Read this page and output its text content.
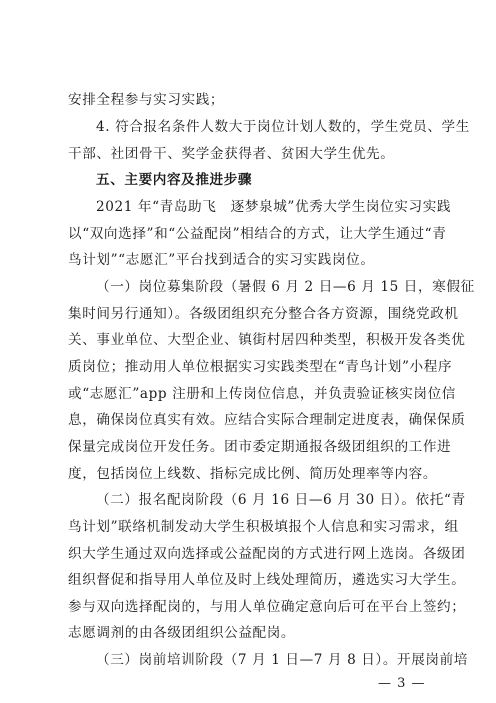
安排全程参与实习实践；
4. 符合报名条件人数大于岗位计划人数的，学生党员、学生
干部、社团骨干、奖学金获得者、贫困大学生优先。
五、主要内容及推进步骤
2021 年“青岛助飞　逐梦泉城”优秀大学生岗位实习实践
以“双向选择”和“公益配岗”相结合的方式，让大学生通过“青
鸟计划”“志愿汇”平台找到适合的实习实践岗位。
（一）岗位募集阶段（暑假 6 月 2 日—6 月 15 日，寒假征
集时间另行通知）。各级团组织充分整合各方资源，围绕党政机
关、事业单位、大型企业、镇街村居四种类型，积极开发各类优
质岗位；推动用人单位根据实习实践类型在“青鸟计划”小程序
或“志愿汇”app 注册和上传岗位信息，并负责验证核实岗位信
息，确保岗位真实有效。应结合实际合理制定进度表，确保保质
保量完成岗位开发任务。团市委定期通报各级团组织的工作进
度，包括岗位上线数、指标完成比例、简历处理率等内容。
（二）报名配岗阶段（6 月 16 日—6 月 30 日）。依托“青
鸟计划”联络机制发动大学生积极填报个人信息和实习需求，组
织大学生通过双向选择或公益配岗的方式进行网上选岗。各级团
组织督促和指导用人单位及时上线处理简历，遴选实习大学生。
参与双向选择配岗的，与用人单位确定意向后可在平台上签约；
志愿调剂的由各级团组织公益配岗。
（三）岗前培训阶段（7 月 1 日—7 月 8 日）。开展岗前培
— 3 —
